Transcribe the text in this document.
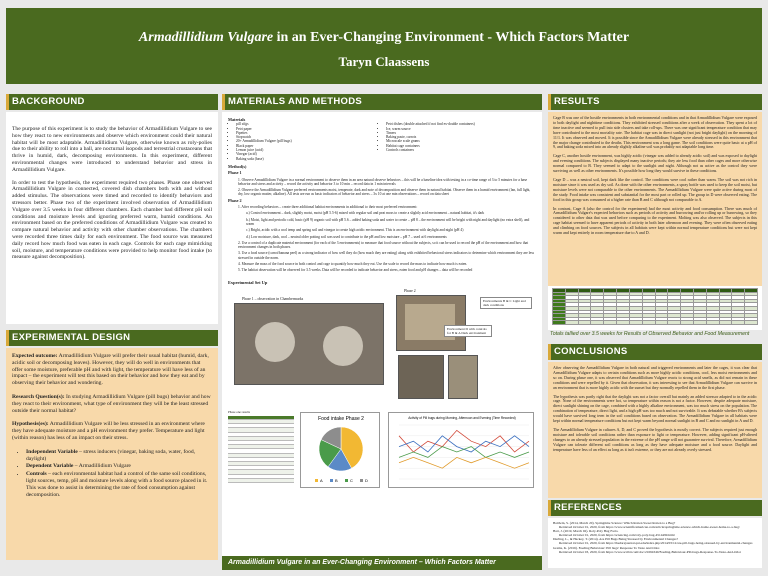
Armadillidium Vulgare in an Ever-Changing Environment - Which Factors Matter
Taryn Claassens
BACKGROUND

The purpose of this experiment is to study the behavior of Armadillidium Vulgare to see how they react to new environments and observe which environment could their natural habitat will be most adaptable. Armadillidium Vulgare, otherwise known as roly-polies due to their ability to roll into a ball, are nocturnal isopods and terrestrial crustaceans that thrive in humid, dark, decomposing environments. In this experiment, different environmental changes were introduced to understand behavior and stress in Armadillidium Vulgare.

In order to test the hypothesis, the experiment required two phases. Phase one observed Armadillidium Vulgare in connected, covered dish chambers both with and without added stimulus. The observations were timed and recorded to identify behaviors and stressors better. Phase two of the experiment involved observation of Armadillidium Vulgare over 3.5 weeks in four different chambers. Each chamber had different pH soil conditions and moisture levels and ignoring preferred warm, humid conditions. An environment based on the preferred conditions of Armadillidium Vulgare was created to compare natural behavior and activity with other chamber observations. The chambers were recorded three times daily for each environment. The food source was measured daily record how much food was eaten in each cage. Controls for each cage mimicking soil, moisture, and temperature conditions were provided to help monitor food intake (to measure against decomposition).

EXPERIMENTAL DESIGN

Expected outcome: Armadillidium Vulgare will prefer their usual habitat (humid, dark, acidic soil or decomposing leaves). However, they will do well in environments that offer some moisture, preferable pH and with light, the temperature will have less of an impact – the experiment will test this based on their behavior and how they eat and by observing their behavior and wondering.

Research Question(s): In studying Armadillidium Vulgare (pill bugs) behavior and how they react to their environment, what type of environment they will be the least stressed outside their normal habitat?

Hypothesis(es): Armadillidium Vulgare will be less stressed in an environment where they have adequate moisture and a pH environment they prefer. Temperature and light (within reason) has less of an impact on their stress.

• Independent Variable – stress inducers (vinegar, baking soda, water, food, daylight)
• Dependent Variable – Armadillidium Vulgare
• Controls – each environmental habitat had a control of the same soil conditions, light sources, temp, pH and moisture levels along with a food source placed in it. This was done to assist in determining the rate of food consumption against decomposition.
MATERIALS AND METHODS
Materials
• pill sifgs
• Petri paper
• Pipettes
• Stopwatch
• 20+ Armadillidium Vulgare (pill bugs)
• Black paper
• Lemon juice (acid)
• Vinegar (acid)
• Baking soda (base)
• Petri dishes (double attached if not find ex-double containers)
• Ice, warm source
• Timers
• Baking paste, carrots
• Microscale scale grams
• Habitat cage containers
• Controls containers
Method(s)
Phase 1
1. Observe Armadillidium Vulgare in a normal environment to observe them in an area natural observe behaviors – this will be a baseline idea with testing in a co-time range of 3 to 5 minutes for a base behavior and stress and activity – record the activity and behavior 3 to 10 min – record data in 1 min intervals
2. Observe the Armadillidium Vulgare preferred environments moist, temperate, dark and note of decomposition and observe them in natural habitat. Observe them in a humid environment (fan, full light, dry, low organic matter, alkaline). All tests are run as basic indicators of behavior and stress – 3x 10 at one min observations – record on data sheet
Phase 2
1. After recording behaviors – create three additional habitat environments in additional to their most preferred environment:
a.) Control environment – dark, slightly moist, moist (pH 5.5-6) mixed with regular soil and peat moss to create a slightly acid environment – natural habitat, it's dark
b.) Moist, light and periodic cold, basic (pH 9) organic soil with pH 5.6 – added baking soda and water to create – pH 8 – the environment will be bright with night and daylight (no extra shelf), and warm
c.) Bright, acidic with a cool temp and spring soil and vinegar to create high acidic environment. This is an environment with daylight and night (pH 4)
d.) Low moisture, dark, cool – neutral older potting soil was used to contribute to the pH and low moisture – pH 7 – used at 6 environments
2. Use a control of a duplicate material environment (for each of the 3 environments) to measure that food source without the subjects, so it can be used to record the pH of the environment and how that environment changes in both phases.
3. Use a food source (carrot/banana peel) as a strong indicator of how well they do (how much they are eating) along with exhibited behavioral stress indicators to determine which environment they are less stressed in outside the norm.
4. Measure the mass of the food source in both control and cage to quantify how much they eat. Use the scale to record the mass to indicate how much is eaten.
5. The habitat observation will be observed for 3.5 weeks. Data will be recorded to indicate behavior and stress, eaten food and pH changes – data will be recorded
Experimental Set Up
Phase 1 – observation in Chambermarks
Phase 2
Environments B & C Light and dark conditions
Environment D with controls for B & A Dark environment
Phase one results
Food intake Phase 2
A	B	C	D
Activity of Pill bugs during Morning, Afternoon and Evening (Time Recorded)
RESULTS

Cage B was one of the hostile environments in both environmental conditions and in that Armadillidium Vulgare were exposed to both daylight and nighttime conditions. They exhibited stressed conditions after a week of observation. They spent a lot of time inactive and seemed to pull into side clusters and take roll-ups. There was one significant temperature condition that may have contributed to the most mortality rate. The habitat cage was in direct sunlight (not just bright daylight) on the morning of 11/1. It was observed and moved. It is possible since the Armadillidium Vulgare were already stressed in this environment that the major change contributed to the deaths. This environment was a long game. The soil conditions were quite basic at a pH of 9, and baking soda mixed into an already slightly alkaline soil was probably not adaptable long time.

Cage C, another hostile environment, was highly acidic (vinegar was added to already acidic soil) and was exposed to daylight and evening conditions. The subjects displayed many inactive periods; they ate less food than other cages and more otherwise normal compared to B. They seemed to adapt to the sunlight and night. Although not as active as the control they were surviving as well as other environments. It's possible how long they would survive in these conditions.

Cage D – was a neutral soil, kept dark like the control. The conditions were cool rather than warm. The soil was not rich in moisture since it was used as dry soil. As done with the other environments, a spray bottle was used to keep the soil moist, but moisture levels were not comparable to the other environments. The Armadillidium Vulgare were quite active during most of the study. Food intake was consistent and substantial for the most part or rolled up. The group in D were observed eating. The food in this group was consumed at a higher rate than B and C although not comparable to A.

In contrast, Cage A (also the control for the experiment) had the most activity and food consumption. There was much of Armadillidium Vulgare's expected behaviors such as periods of activity and burrowing and/or rolling up or burrowing, so they considered to other data that was used before comparing to the experiment. Molting was also observed. The subjects in this cage habitat seemed to have apparent periods of activity in both later afternoon and evening. They were often observed eating and climbing on food sources. The subjects in all habitats were kept within normal temperature conditions but were not kept warm and kept entirely in room temperature due to A and D.

Totals tallied over 3.5 weeks for Results of Observed Behavior and Food Measurement
CONCLUSIONS

After observing the Armadillidium Vulgare in both natural and triggered environments and later the cages, it was clear that Armadillidium Vulgare adapts to certain conditions such as more highly acidic conditions, cool, less moist environments and so on. During phase one, it was observed that Armadillidium Vulgare reacts to strong acid smells, as did not remain in these conditions and were repelled by it. Given that observation, it was interesting to see that Armadillidium Vulgare can survive in an environment that is more highly acidic with the sunset but they normally repelled them in the first phase.

The hypothesis was partly right that the daylight was not a factor overall but mainly an added stressor adapted to in the acidic cage. None of the environments were hot, so temperature within reason is not a factor. However, despite adequate moisture, direct sunlight shining on the cage, combined with a highly alkaline environment, was too much stress on the population. The combination of temperature, direct light, and a high pH was too much and not survivable. It was debatable whether B's subjects would have survived long term in the soil conditions based on observation. The Armadillidium Vulgare in all habitats were kept within normal temperature conditions but not kept warm beyond normal sunlight in B and C and no sunlight in A and D.

The Armadillidium Vulgare in cultures A, D, and C proved the hypothesis is mostly correct. The subjects required just enough moisture and tolerable soil conditions rather than exposure to light or temperature. However, adding significant pH-altered changes to an already stressed population in the extreme of the pH range will not guarantee survival. Therefore, Armadillidium Vulgare can tolerate different soil conditions as long as they have adequate moisture and a food source. Daylight and temperature have less of an effect as long as it isn't extreme, or they are not already overly stressed.

REFERENCES
Baldwin, S. (2014, March 20). Springtime Science: Which Rotten Sweet Rotten to a Bug?
Retrieved October 01, 2020, from https://www.scientificamerican.com/article/springtime-science-which-home-sweet-home-to-a-bug/
Bart, J. (2019, March 02). Roly-Poly Bug Facts.
Retrieved October 01, 2020, from https://sciencing.com/roly-poly-bug-4514499.html
Durling, L., & Hackey, T. (2014). Are Pill Bugs Being Stressed by Environmental Changes?
Retrieved October 01, 2020, from https://thedarsjournal.qut.edu/index.php/2014/03/12/are-pill-bugs-being-stressed-by-environmental-changes
Grams, K. (2016). Feeding Behaviour: Pill bugs' Response To Taste And Odor.
Retrieved October 03, 2020, from https://www.scribd.com/doc/21694340/Feeding-Behaviour-Pill-bugs-Response-To-Taste-And-Odor
Armadillidium Vulgare in an Ever-Changing Environment – Which Factors Matter
